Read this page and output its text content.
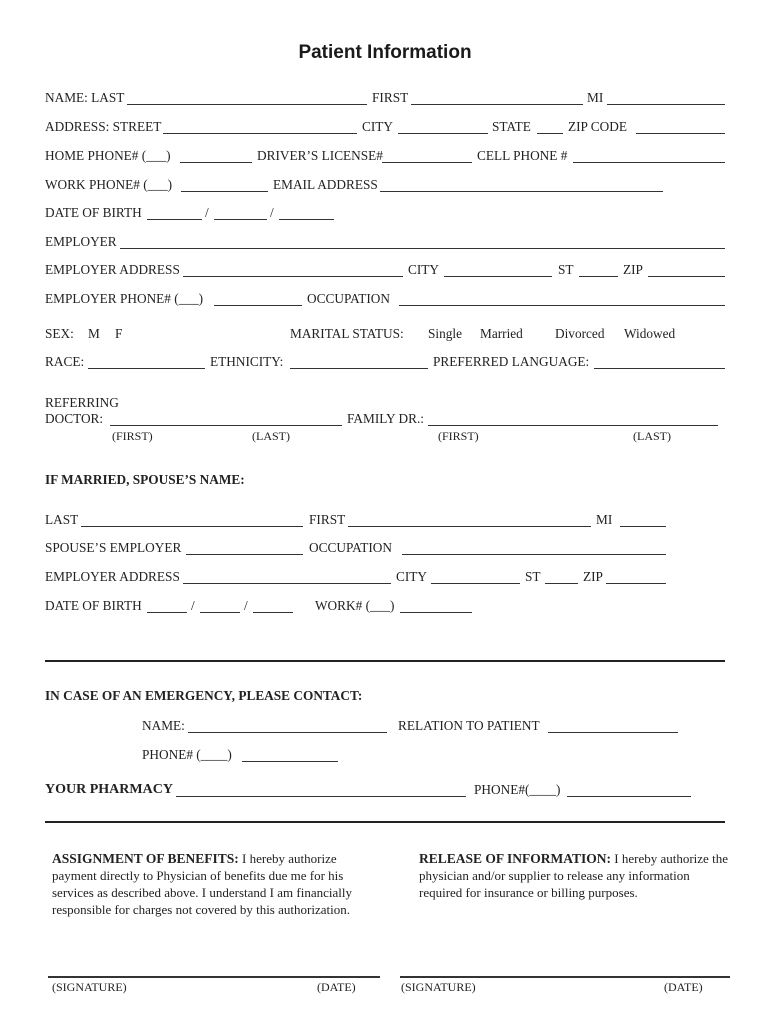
Patient Information
NAME: LAST	FIRST	MI
ADDRESS: STREET	CITY	STATE	ZIP CODE
HOME PHONE# (___)	DRIVER’S LICENSE#	CELL PHONE #
WORK PHONE# (___)	EMAIL ADDRESS
DATE OF BIRTH	/	/
EMPLOYER
EMPLOYER ADDRESS	CITY	ST	ZIP
EMPLOYER PHONE# (___)	OCCUPATION
SEX: M F	MARITAL STATUS: Single Married Divorced Widowed
RACE:	ETHNICITY:	PREFERRED LANGUAGE:
REFERRING
DOCTOR:	FAMILY DR.:
(FIRST)	(LAST)	(FIRST)	(LAST)
IF MARRIED, SPOUSE’S NAME:
LAST	FIRST	MI
SPOUSE’S EMPLOYER	OCCUPATION
EMPLOYER ADDRESS	CITY	ST	ZIP
DATE OF BIRTH	/	/	WORK# (___)
IN CASE OF AN EMERGENCY, PLEASE CONTACT:
NAME:	RELATION TO PATIENT
PHONE# (____)
YOUR PHARMACY	PHONE#(____)
ASSIGNMENT OF BENEFITS: I hereby authorize payment directly to Physician of benefits due me for his services as described above. I understand I am financially responsible for charges not covered by this authorization.
RELEASE OF INFORMATION: I hereby authorize the physician and/or supplier to release any information required for insurance or billing purposes.
(SIGNATURE)	(DATE)	(SIGNATURE)	(DATE)
